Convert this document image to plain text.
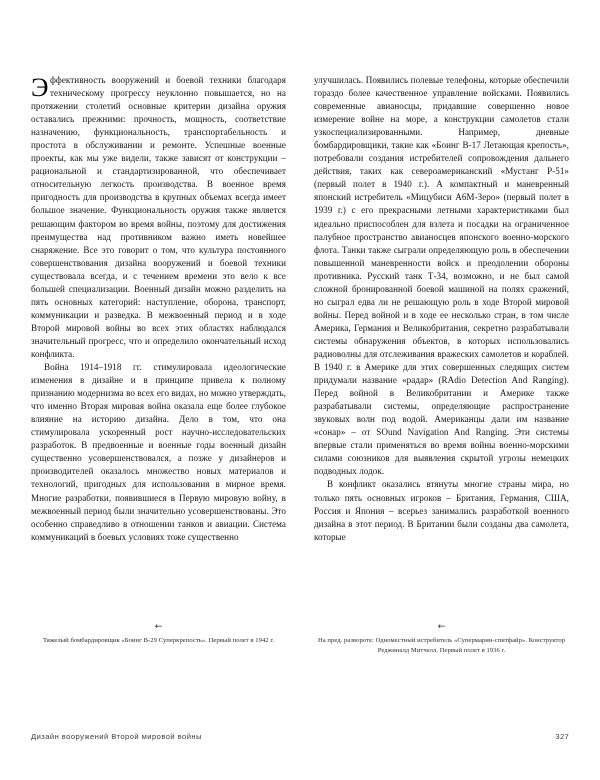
Эффективность вооружений и боевой техники благодаря техническому прогрессу неуклонно повышается, но на протяжении столетий основные критерии дизайна оружия оставались прежними: прочность, мощность, соответствие назначению, функциональность, транспортабельность и простота в обслуживании и ремонте. Успешные военные проекты, как мы уже видели, также зависят от конструкции – рациональной и стандартизированной, что обеспечивает относительную легкость производства. В военное время пригодность для производства в крупных объемах всегда имеет большое значение. Функциональность оружия также является решающим фактором во время войны, поэтому для достижения преимущества над противником важно иметь новейшее снаряжение. Все это говорит о том, что культура постоянного совершенствования дизайна вооружений и боевой техники существовала всегда, и с течением времени это вело к все большей специализации. Военный дизайн можно разделить на пять основных категорий: наступление, оборона, транспорт, коммуникации и разведка. В межвоенный период и в ходе Второй мировой войны во всех этих областях наблюдался значительный прогресс, что и определило окончательный исход конфликта.

Война 1914–1918 гг. стимулировала идеологические изменения в дизайне и в принципе привела к полному признанию модернизма во всех его видах, но можно утверждать, что именно Вторая мировая война оказала еще более глубокое влияние на историю дизайна. Дело в том, что она стимулировала ускоренный рост научно-исследовательских разработок. В предвоенные и военные годы военный дизайн существенно усовершенствовался, а позже у дизайнеров и производителей оказалось множество новых материалов и технологий, пригодных для использования в мирное время. Многие разработки, появившиеся в Первую мировую войну, в межвоенный период были значительно усовершенствованы. Это особенно справедливо в отношении танков и авиации. Система коммуникаций в боевых условиях тоже существенно

улучшилась. Появились полевые телефоны, которые обеспечили гораздо более качественное управление войсками. Появились современные авианосцы, придавшие совершенно новое измерение войне на море, а конструкции самолетов стали узкоспециализированными. Например, дневные бомбардировщики, такие как «Боинг B-17 Летающая крепость», потребовали создания истребителей сопровождения дальнего действия, таких как североамериканский «Мустанг P-51» (первый полет в 1940 г.). А компактный и маневренный японский истребитель «Мицубиси A6M-Зеро» (первый полет в 1939 г.) с его прекрасными летными характеристиками был идеально приспособлен для взлета и посадки на ограниченное палубное пространство авианосцев японского военно-морского флота. Танки также сыграли определяющую роль в обеспечении повышенной маневренности войск и преодолении обороны противника. Русский танк Т-34, возможно, и не был самой сложной бронированной боевой машиной на полях сражений, но сыграл едва ли не решающую роль в ходе Второй мировой войны. Перед войной и в ходе ее несколько стран, в том числе Америка, Германия и Великобритания, секретно разрабатывали системы обнаружения объектов, в которых использовались радиоволны для отслеживания вражеских самолетов и кораблей. В 1940 г. в Америке для этих совершенных следящих систем придумали название «радар» (RAdio Detection And Ranging). Перед войной в Великобритании и Америке также разрабатывали системы, определяющие распространение звуковых волн под водой. Американцы дали им название «сонар» – от SOund Navigation And Ranging. Эти системы впервые стали применяться во время войны военно-морскими силами союзников для выявления скрытой угрозы немецких подводных лодок.

В конфликт оказались втянуты многие страны мира, но только пять основных игроков – Британия, Германия, США, Россия и Япония – всерьез занимались разработкой военного дизайна в этот период. В Британии были созданы два самолета, которые

←

Тяжелый бомбардировщик «Боинг В-29 Суперкрепость». Первый полет в 1942 г.

←

На пред. развороте: Одноместный истребитель «Супермарин-спитфайр». Конструктор Реджиналд Митчелл. Первый полет в 1936 г.

Дизайн вооружений Второй мировой войны	327
